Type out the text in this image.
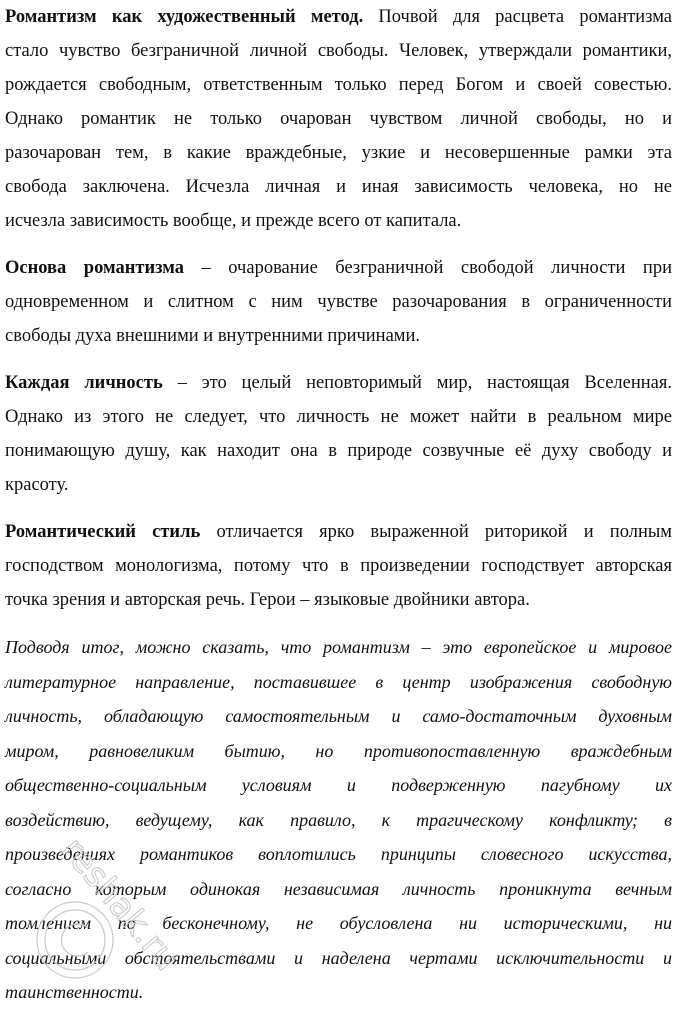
Романтизм как художественный метод. Почвой для расцвета романтизма
стало чувство безграничной личной свободы. Человек, утверждали романтики,
рождается свободным, ответственным только перед Богом и своей совестью.
Однако романтик не только очарован чувством личной свободы, но и
разочарован тем, в какие враждебные, узкие и несовершенные рамки эта
свобода заключена. Исчезла личная и иная зависимость человека, но не
исчезла зависимость вообще, и прежде всего от капитала.
Основа романтизма – очарование безграничной свободой личности при
одновременном и слитном с ним чувстве разочарования в ограниченности
свободы духа внешними и внутренними причинами.
Каждая личность – это целый неповторимый мир, настоящая Вселенная.
Однако из этого не следует, что личность не может найти в реальном мире
понимающую душу, как находит она в природе созвучные её духу свободу и
красоту.
Романтический стиль отличается ярко выраженной риторикой и полным
господством монологизма, потому что в произведении господствует авторская
точка зрения и авторская речь. Герои – языковые двойники автора.
Подводя итог, можно сказать, что романтизм – это европейское и мировое
литературное направление, поставившее в центр изображения свободную
личность, обладающую самостоятельным и само-достаточным духовным
миром, равновеликим бытию, но противопоставленную враждебным
общественно-социальным условиям и подверженную пагубному их
воздействию, ведущему, как правило, к трагическому конфликту; в
произведениях романтиков воплотились принципы словесного искусства,
согласно которым одинокая независимая личность проникнута вечным
томлением по бесконечному, не обусловлена ни историческими, ни
социальными обстоятельствами и наделена чертами исключительности и
таинственности.
reshak.ru
